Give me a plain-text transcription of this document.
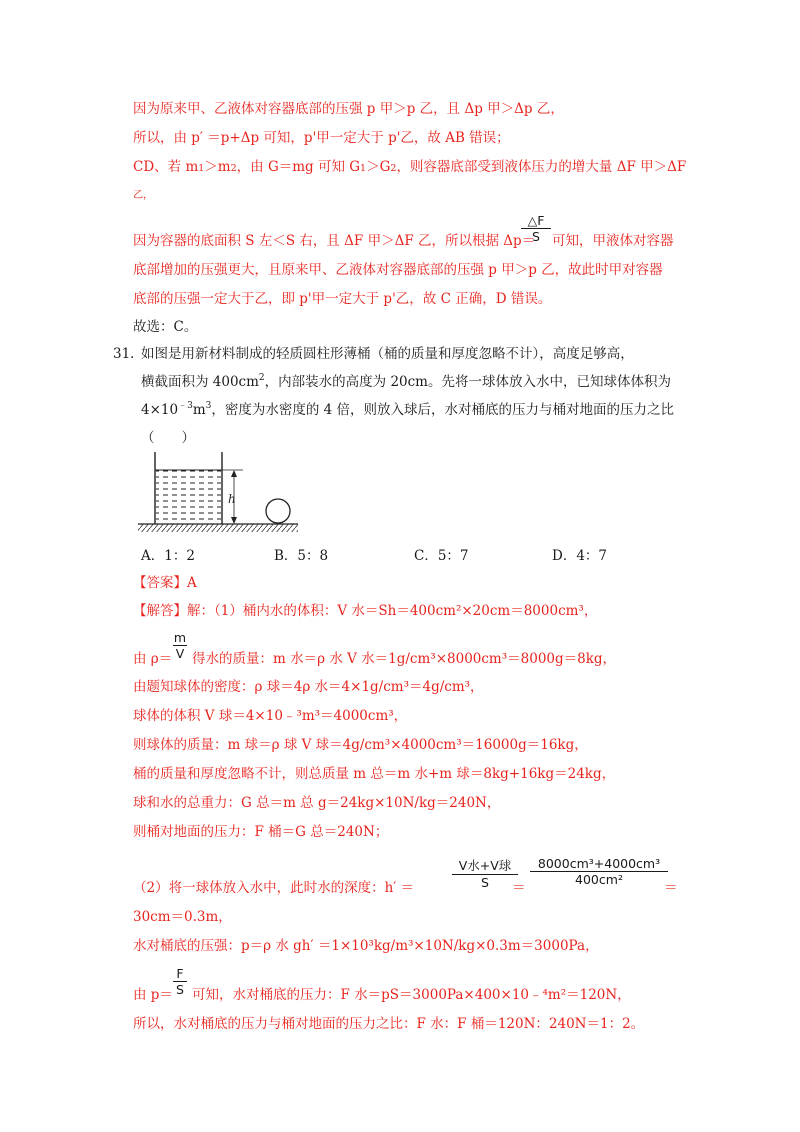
因为原来甲、乙液体对容器底部的压强 p 甲＞p 乙，且 Δp 甲＞Δp 乙，
所以，由 p′ ＝p+Δp 可知，p'甲一定大于 p'乙，故 AB 错误；
CD、若 m1＞m2，由 G＝mg 可知 G1＞G2，则容器底部受到液体压力的增大量 ΔF 甲＞ΔF
乙，
△F
S
因为容器的底面积 S 左＜S 右，且 ΔF 甲＞ΔF 乙，所以根据 Δp＝ 可知，甲液体对容器
底部增加的压强更大，且原来甲、乙液体对容器底部的压强 p 甲＞p 乙，故此时甲对容器
底部的压强一定大于乙，即 p'甲一定大于 p'乙，故 C 正确，D 错误。
故选：C。
31．
如图是用新材料制成的轻质圆柱形薄桶（桶的质量和厚度忽略不计），高度足够高，
横截面积为 $400cm^2$，内部装水的高度为 20cm。先将一球体放入水中，已知球体体积为
$4\times 10^{﹣3}m^3$，密度为水密度的 4 倍，则放入球后，水对桶底的压力与桶对地面的压力之比
（　　）
h
A．1：2	B．5：8	C．5：7	D．4：7
【答案】A
【解答】解：（1）桶内水的体积：V 水＝Sh＝400cm²×20cm＝8000cm³，
m
V
由 ρ＝ 得水的质量：m 水＝ρ 水 V 水＝1g/cm³×8000cm³＝8000g＝8kg，
由题知球体的密度：ρ 球＝4ρ 水＝4×1g/cm³＝4g/cm³，
球体的体积 V 球＝4×10﹣³m³＝4000cm³，
则球体的质量：m 球＝ρ 球 V 球＝4g/cm³×4000cm³＝16000g＝16kg，
桶的质量和厚度忽略不计，则总质量 m 总＝m 水+m 球＝8kg+16kg＝24kg，
球和水的总重力：G 总＝m 总 g＝24kg×10N/kg＝240N，
则桶对地面的压力：F 桶＝G 总＝240N；
（2）将一球体放入水中，此时水的深度：h′ ＝
V水+V球
S	＝
8000cm³+4000cm³
400cm²
＝
30cm＝0.3m，
水对桶底的压强：p＝ρ 水 gh′ ＝1×10³kg/m³×10N/kg×0.3m＝3000Pa，
F
S
由 p＝ 可知，水对桶底的压力：F 水＝pS＝3000Pa×400×10﹣⁴m²＝120N，
所以，水对桶底的压力与桶对地面的压力之比：F 水：F 桶＝120N：240N＝1：2。
